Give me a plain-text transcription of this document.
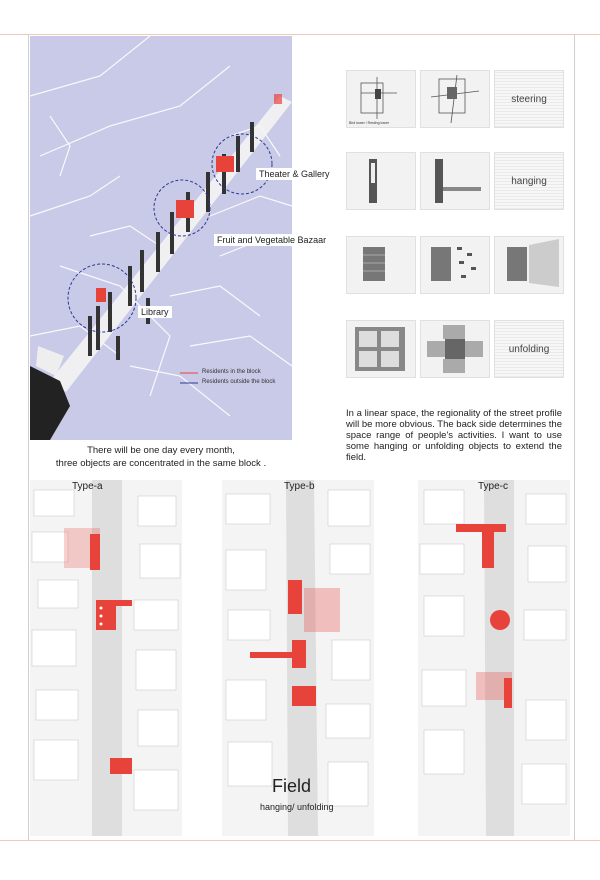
Theater & Gallery
Fruit and Vegetable Bazaar
Library
Residents in the block
Residents outside the block
There will be one day every month,
three objects are concentrated in the same block .
Bird tower / Resting tower
steering
hanging
unfolding
In a linear space, the regionality of the street profile will be more obvious. The back side determines the space range of people's activities. I want to use some hanging or unfolding objects to extend the field.
Type-a
Field
hanging/ unfolding
Type-b	Type-c
